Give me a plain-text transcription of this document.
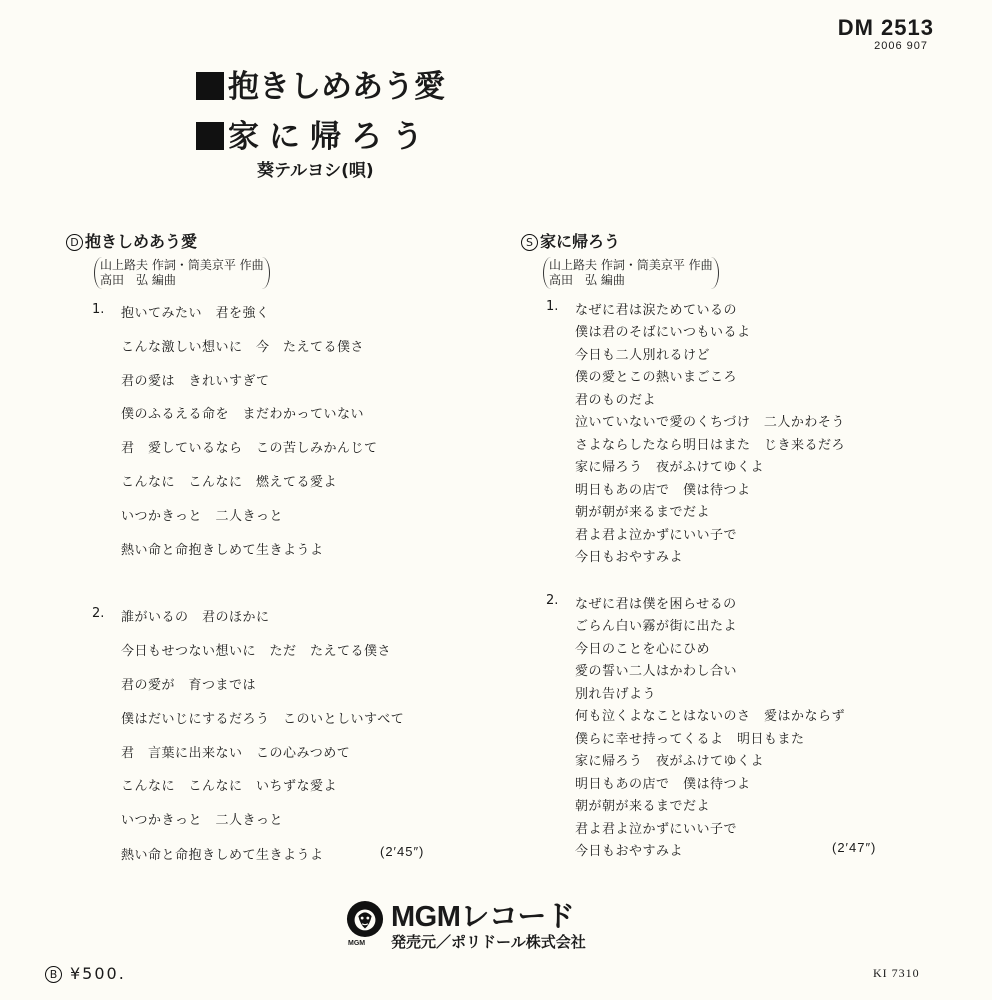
DM 2513
2006 907
抱きしめあう愛
家に帰ろう
葵テルヨシ(唄)
D 抱きしめあう愛
山上路夫 作詞・筒美京平 作曲
高田　弘 編曲
1. 抱いてみたい　君を強く
こんな激しい想いに　今　たえてる僕さ
君の愛は　きれいすぎて
僕のふるえる命を　まだわかっていない
君　愛しているなら　この苦しみかんじて
こんなに　こんなに　燃えてる愛よ
いつかきっと　二人きっと
熱い命と命抱きしめて生きようよ
2. 誰がいるの　君のほかに
今日もせつない想いに　ただ　たえてる僕さ
君の愛が　育つまでは
僕はだいじにするだろう　このいとしいすべて
君　言葉に出来ない　この心みつめて
こんなに　こんなに　いちずな愛よ
いつかきっと　二人きっと
熱い命と命抱きしめて生きようよ	(2′45″)
S 家に帰ろう
山上路夫 作詞・筒美京平 作曲
高田　弘 編曲
1. なぜに君は涙ためているの
僕は君のそばにいつもいるよ
今日も二人別れるけど
僕の愛とこの熱いまごころ
君のものだよ
泣いていないで愛のくちづけ　二人かわそう
さよならしたなら明日はまた　じき来るだろ
家に帰ろう　夜がふけてゆくよ
明日もあの店で　僕は待つよ
朝が朝が来るまでだよ
君よ君よ泣かずにいい子で
今日もおやすみよ
2. なぜに君は僕を困らせるの
ごらん白い霧が街に出たよ
今日のことを心にひめ
愛の誓い二人はかわし合い
別れ告げよう
何も泣くよなことはないのさ　愛はかならず
僕らに幸せ持ってくるよ　明日もまた
家に帰ろう　夜がふけてゆくよ
明日もあの店で　僕は待つよ
朝が朝が来るまでだよ
君よ君よ泣かずにいい子で
今日もおやすみよ	(2′47″)
MGM
MGMレコード
発売元／ポリドール株式会社
B ¥500.	KI 7310
